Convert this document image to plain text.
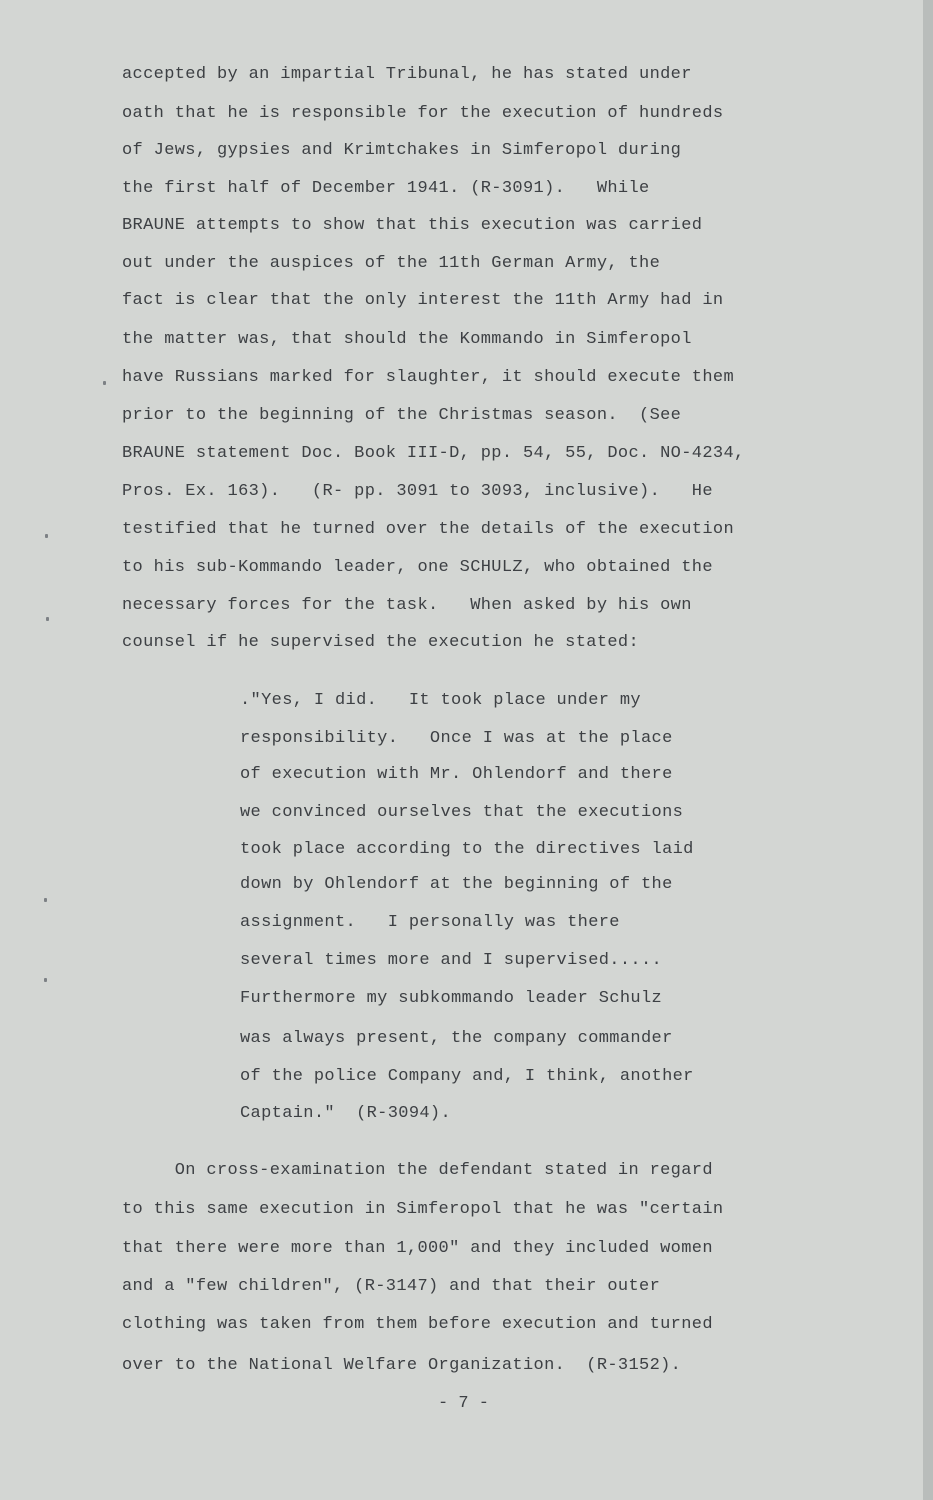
accepted by an impartial Tribunal, he has stated under
oath that he is responsible for the execution of hundreds
of Jews, gypsies and Krimtchakes in Simferopol during
the first half of December 1941. (R-3091).   While
BRAUNE attempts to show that this execution was carried
out under the auspices of the 11th German Army, the
fact is clear that the only interest the 11th Army had in
the matter was, that should the Kommando in Simferopol
have Russians marked for slaughter, it should execute them
prior to the beginning of the Christmas season.  (See
BRAUNE statement Doc. Book III-D, pp. 54, 55, Doc. NO-4234,
Pros. Ex. 163).   (R- pp. 3091 to 3093, inclusive).   He
testified that he turned over the details of the execution
to his sub-Kommando leader, one SCHULZ, who obtained the
necessary forces for the task.   When asked by his own
counsel if he supervised the execution he stated:
."Yes, I did.   It took place under my
responsibility.   Once I was at the place
of execution with Mr. Ohlendorf and there
we convinced ourselves that the executions
took place according to the directives laid
down by Ohlendorf at the beginning of the
assignment.   I personally was there
several times more and I supervised.....
Furthermore my subkommando leader Schulz
was always present, the company commander
of the police Company and, I think, another
Captain."  (R-3094).
On cross-examination the defendant stated in regard
to this same execution in Simferopol that he was "certain
that there were more than 1,000" and they included women
and a "few children", (R-3147) and that their outer
clothing was taken from them before execution and turned
over to the National Welfare Organization.  (R-3152).
- 7 -
